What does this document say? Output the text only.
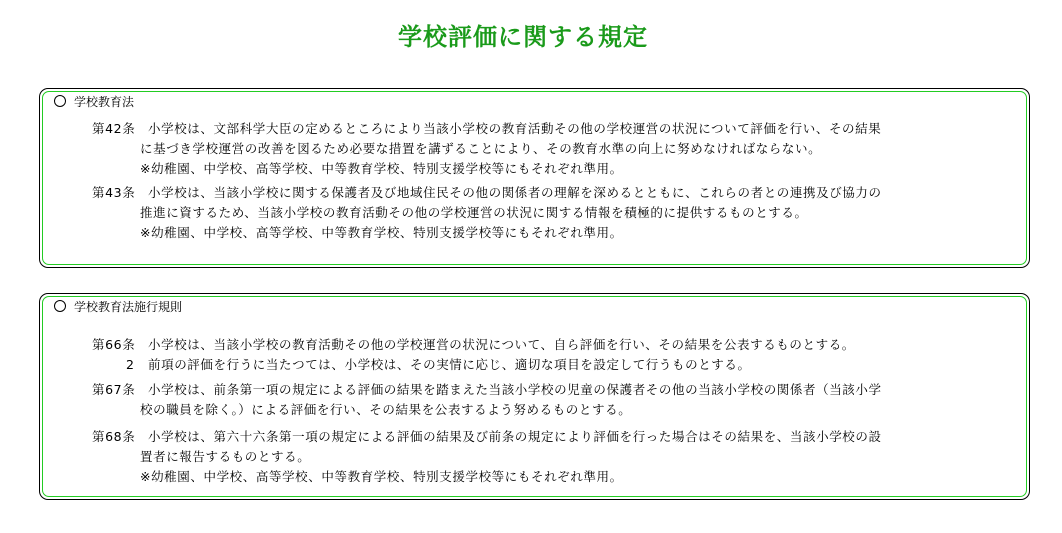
学校評価に関する規定
学校教育法
第42条 小学校は、文部科学大臣の定めるところにより当該小学校の教育活動その他の学校運営の状況について評価を行い、その結果
に基づき学校運営の改善を図るため必要な措置を講ずることにより、その教育水準の向上に努めなければならない。
※幼稚園、中学校、高等学校、中等教育学校、特別支援学校等にもそれぞれ準用。
第43条 小学校は、当該小学校に関する保護者及び地域住民その他の関係者の理解を深めるとともに、これらの者との連携及び協力の
推進に資するため、当該小学校の教育活動その他の学校運営の状況に関する情報を積極的に提供するものとする。
※幼稚園、中学校、高等学校、中等教育学校、特別支援学校等にもそれぞれ準用。
学校教育法施行規則
第66条 小学校は、当該小学校の教育活動その他の学校運営の状況について、自ら評価を行い、その結果を公表するものとする。
2 前項の評価を行うに当たつては、小学校は、その実情に応じ、適切な項目を設定して行うものとする。
第67条 小学校は、前条第一項の規定による評価の結果を踏まえた当該小学校の児童の保護者その他の当該小学校の関係者（当該小学
校の職員を除く。）による評価を行い、その結果を公表するよう努めるものとする。
第68条 小学校は、第六十六条第一項の規定による評価の結果及び前条の規定により評価を行った場合はその結果を、当該小学校の設
置者に報告するものとする。
※幼稚園、中学校、高等学校、中等教育学校、特別支援学校等にもそれぞれ準用。
